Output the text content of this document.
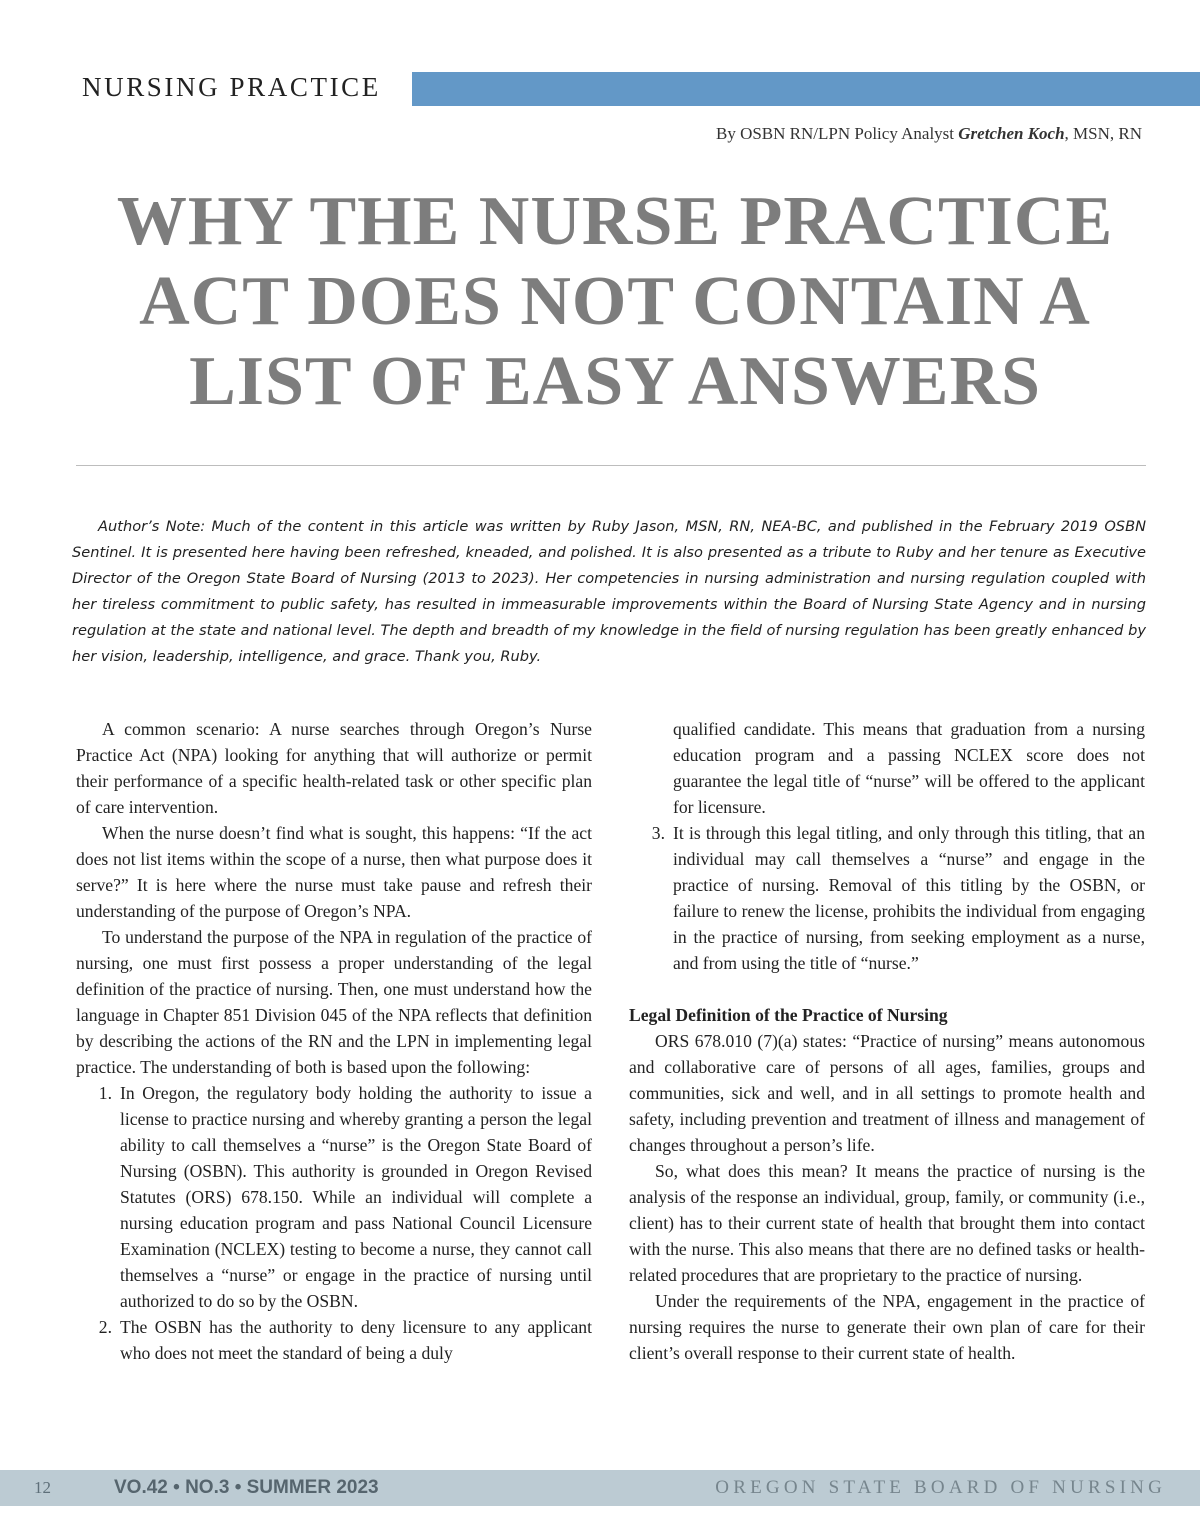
NURSING PRACTICE
By OSBN RN/LPN Policy Analyst Gretchen Koch, MSN, RN
WHY THE NURSE PRACTICE
ACT DOES NOT CONTAIN A
LIST OF EASY ANSWERS

Author’s Note: Much of the content in this article was written by Ruby Jason, MSN, RN, NEA-BC, and published in the February 2019 OSBN Sentinel. It is presented here having been refreshed, kneaded, and polished. It is also presented as a tribute to Ruby and her tenure as Executive Director of the Oregon State Board of Nursing (2013 to 2023). Her competencies in nursing administration and nursing regulation coupled with her tireless commitment to public safety, has resulted in immeasurable improvements within the Board of Nursing State Agency and in nursing regulation at the state and national level. The depth and breadth of my knowledge in the field of nursing regulation has been greatly enhanced by her vision, leadership, intelligence, and grace. Thank you, Ruby.

A common scenario: A nurse searches through Oregon’s Nurse Practice Act (NPA) looking for anything that will authorize or permit their performance of a specific health-related task or other specific plan of care intervention.

When the nurse doesn’t find what is sought, this happens: “If the act does not list items within the scope of a nurse, then what purpose does it serve?” It is here where the nurse must take pause and refresh their understanding of the purpose of Oregon’s NPA.

To understand the purpose of the NPA in regulation of the practice of nursing, one must first possess a proper understanding of the legal definition of the practice of nursing. Then, one must understand how the language in Chapter 851 Division 045 of the NPA reflects that definition by describing the actions of the RN and the LPN in implementing legal practice. The understanding of both is based upon the following:

1. In Oregon, the regulatory body holding the authority to issue a license to practice nursing and whereby granting a person the legal ability to call themselves a “nurse” is the Oregon State Board of Nursing (OSBN). This authority is grounded in Oregon Revised Statutes (ORS) 678.150. While an individual will complete a nursing education program and pass National Council Licensure Examination (NCLEX) testing to become a nurse, they cannot call themselves a “nurse” or engage in the practice of nursing until authorized to do so by the OSBN.
2. The OSBN has the authority to deny licensure to any applicant who does not meet the standard of being a duly

qualified candidate. This means that graduation from a nursing education program and a passing NCLEX score does not guarantee the legal title of “nurse” will be offered to the applicant for licensure.

3. It is through this legal titling, and only through this titling, that an individual may call themselves a “nurse” and engage in the practice of nursing. Removal of this titling by the OSBN, or failure to renew the license, prohibits the individual from engaging in the practice of nursing, from seeking employment as a nurse, and from using the title of “nurse.”

Legal Definition of the Practice of Nursing

ORS 678.010 (7)(a) states: “Practice of nursing” means autonomous and collaborative care of persons of all ages, families, groups and communities, sick and well, and in all settings to promote health and safety, including prevention and treatment of illness and management of changes throughout a person’s life.

So, what does this mean? It means the practice of nursing is the analysis of the response an individual, group, family, or community (i.e., client) has to their current state of health that brought them into contact with the nurse. This also means that there are no defined tasks or health-related procedures that are proprietary to the practice of nursing.

Under the requirements of the NPA, engagement in the practice of nursing requires the nurse to generate their own plan of care for their client’s overall response to their current state of health.

12	VO.42 • NO.3 • SUMMER 2023	OREGON STATE BOARD OF NURSING
